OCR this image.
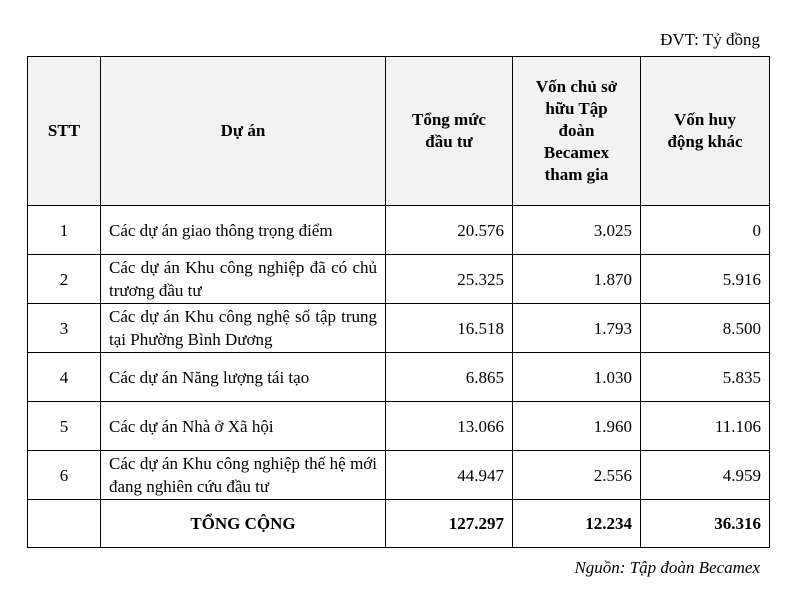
ĐVT: Tỷ đồng
STT	Dự án	Tổng mức đầu tư	Vốn chủ sở hữu Tập đoàn Becamex tham gia	Vốn huy động khác
1	Các dự án giao thông trọng điểm	20.576	3.025	0
2	Các dự án Khu công nghiệp đã có chủ trương đầu tư	25.325	1.870	5.916
3	Các dự án Khu công nghệ số tập trung tại Phường Bình Dương	16.518	1.793	8.500
4	Các dự án Năng lượng tái tạo	6.865	1.030	5.835
5	Các dự án Nhà ở Xã hội	13.066	1.960	11.106
6	Các dự án Khu công nghiệp thế hệ mới đang nghiên cứu đầu tư	44.947	2.556	4.959
	TỔNG CỘNG	127.297	12.234	36.316
Nguồn: Tập đoàn Becamex
